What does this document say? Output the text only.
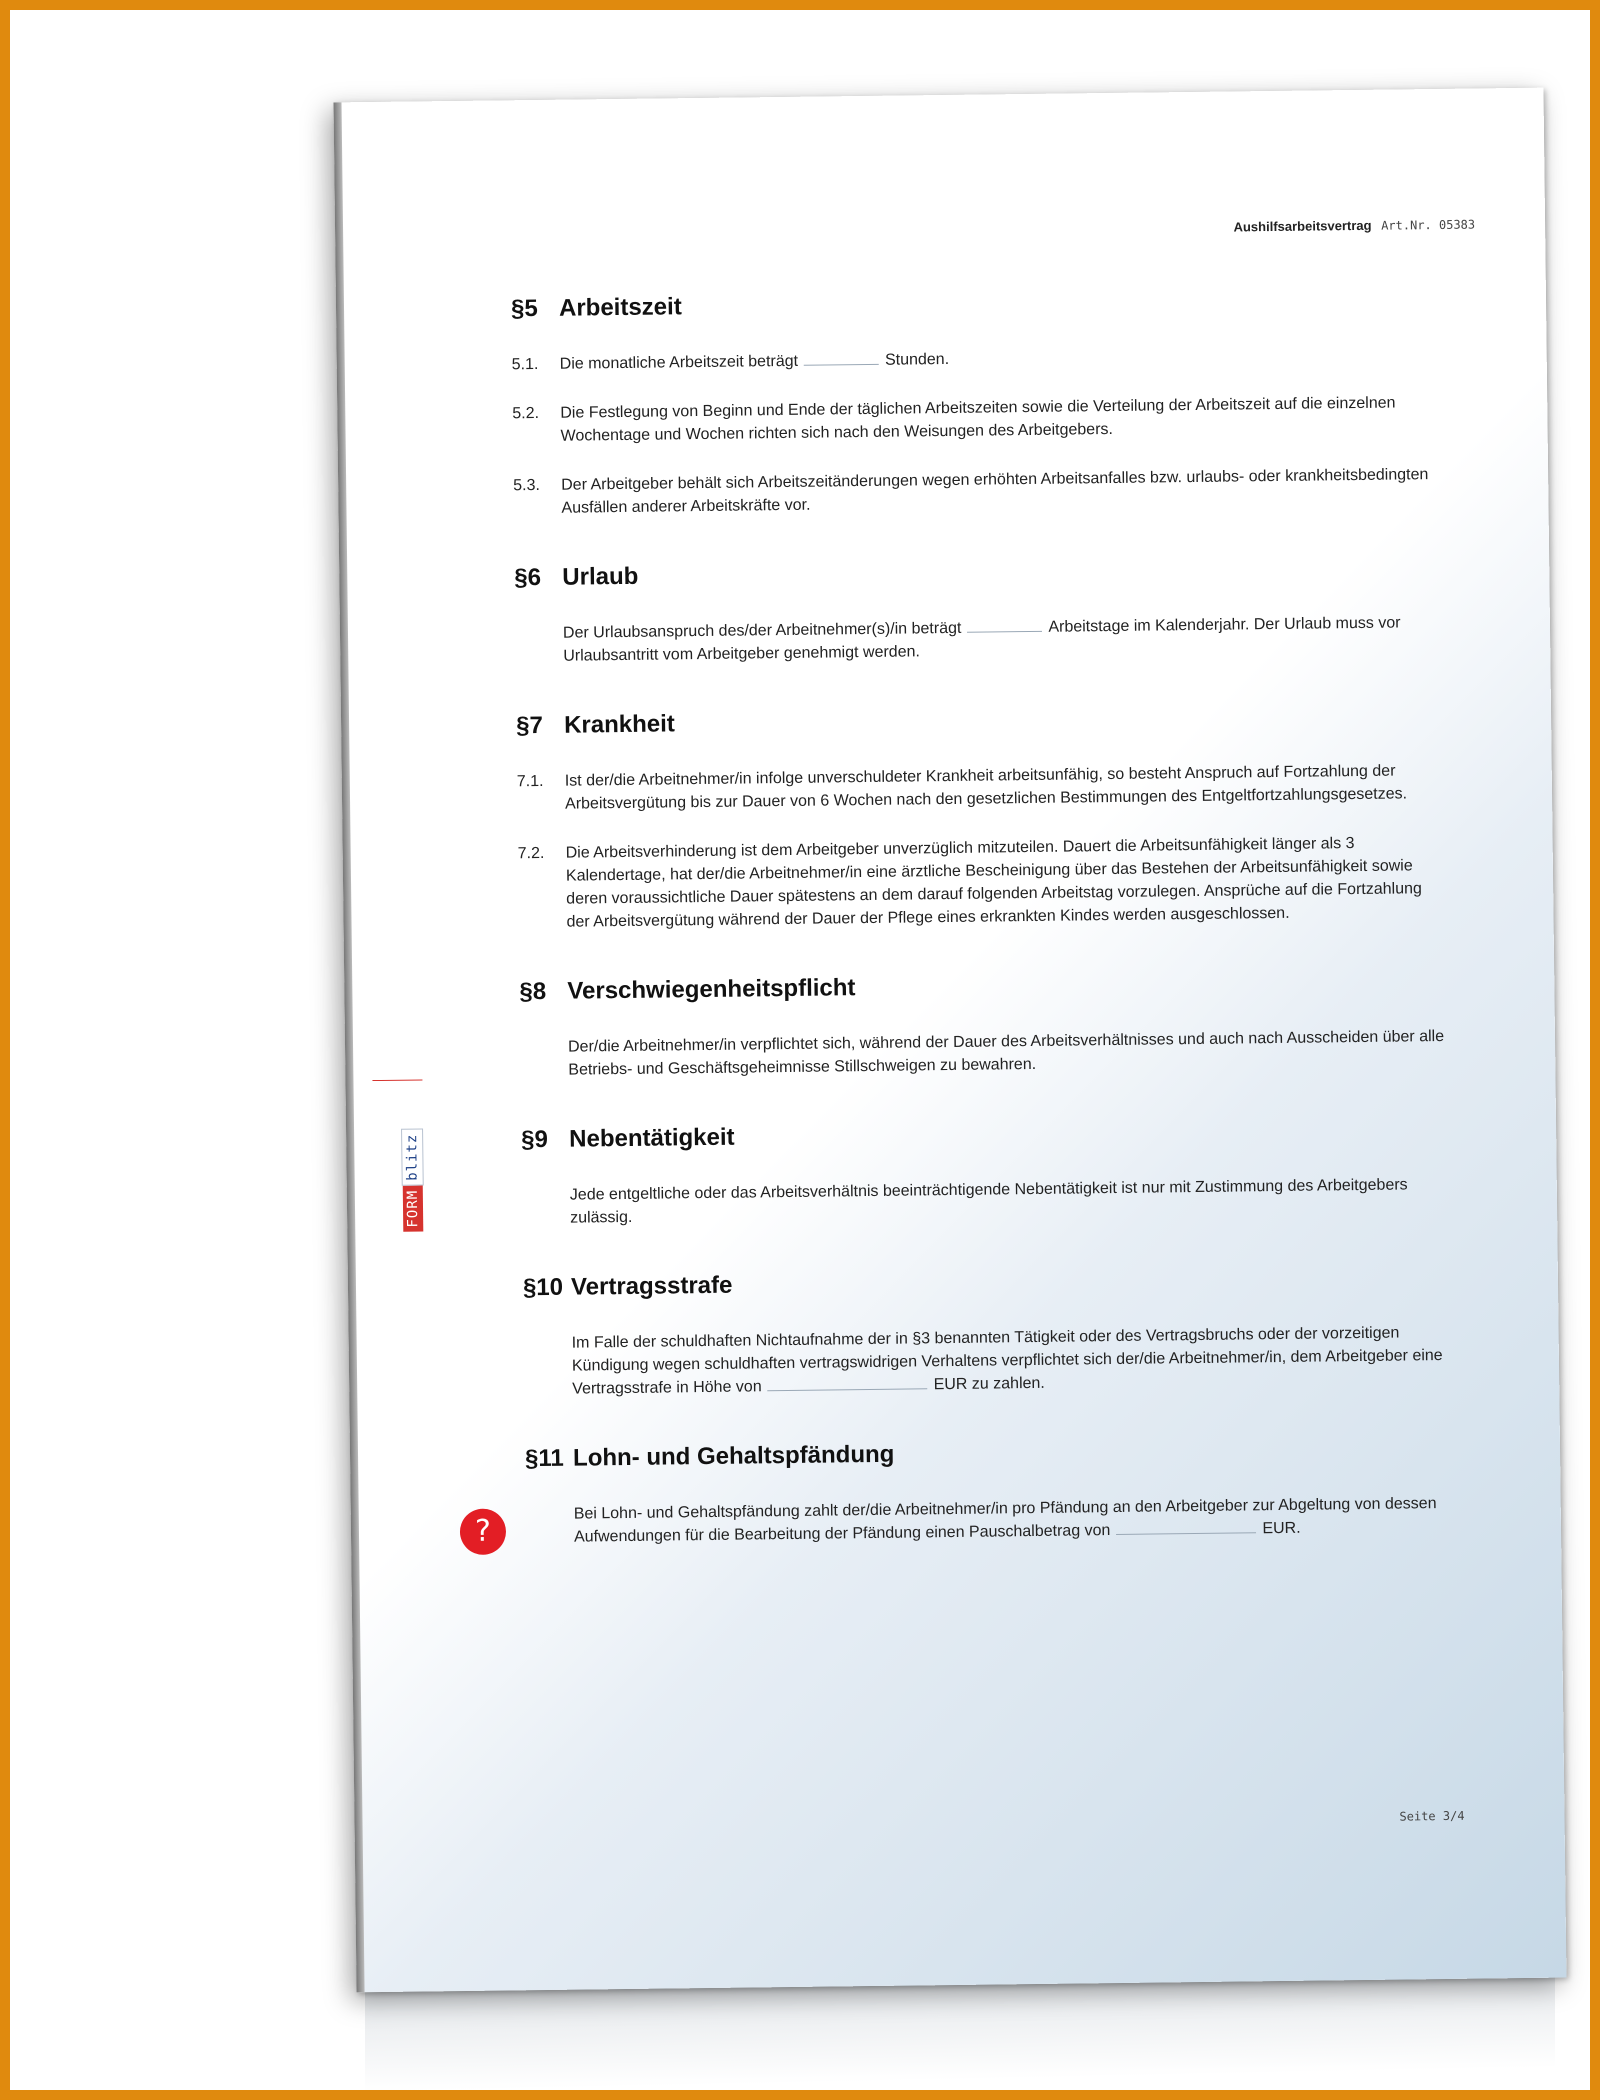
Aushilfsarbeitsvertrag Art.Nr. 05383
FORMblitz
?
§5 Arbeitszeit
5.1.	Die monatliche Arbeitszeit beträgt	Stunden.
5.2.	Die Festlegung von Beginn und Ende der täglichen Arbeitszeiten sowie die Verteilung der Arbeitszeit auf die einzelnen Wochentage und Wochen richten sich nach den Weisungen des Arbeitgebers.
5.3.	Der Arbeitgeber behält sich Arbeitszeitänderungen wegen erhöhten Arbeitsanfalles bzw. urlaubs- oder krankheitsbedingten Ausfällen anderer Arbeitskräfte vor.
§6 Urlaub
Der Urlaubsanspruch des/der Arbeitnehmer(s)/in beträgt	Arbeitstage im Kalenderjahr. Der Urlaub muss vor Urlaubsantritt vom Arbeitgeber genehmigt werden.
§7 Krankheit
7.1.	Ist der/die Arbeitnehmer/in infolge unverschuldeter Krankheit arbeitsunfähig, so besteht Anspruch auf Fortzahlung der Arbeitsvergütung bis zur Dauer von 6 Wochen nach den gesetzlichen Bestimmungen des Entgeltfortzahlungsgesetzes.
7.2.	Die Arbeitsverhinderung ist dem Arbeitgeber unverzüglich mitzuteilen. Dauert die Arbeitsunfähigkeit länger als 3 Kalendertage, hat der/die Arbeitnehmer/in eine ärztliche Bescheinigung über das Bestehen der Arbeitsunfähigkeit sowie deren voraussichtliche Dauer spätestens an dem darauf folgenden Arbeitstag vorzulegen. Ansprüche auf die Fortzahlung der Arbeitsvergütung während der Dauer der Pflege eines erkrankten Kindes werden ausgeschlossen.
§8 Verschwiegenheitspflicht
Der/die Arbeitnehmer/in verpflichtet sich, während der Dauer des Arbeitsverhältnisses und auch nach Ausscheiden über alle Betriebs- und Geschäftsgeheimnisse Stillschweigen zu bewahren.
§9 Nebentätigkeit
Jede entgeltliche oder das Arbeitsverhältnis beeinträchtigende Nebentätigkeit ist nur mit Zustimmung des Arbeitgebers zulässig.
§10 Vertragsstrafe
Im Falle der schuldhaften Nichtaufnahme der in §3 benannten Tätigkeit oder des Vertragsbruchs oder der vorzeitigen Kündigung wegen schuldhaften vertragswidrigen Verhaltens verpflichtet sich der/die Arbeitnehmer/in, dem Arbeitgeber eine Vertragsstrafe in Höhe von	EUR zu zahlen.
§11 Lohn- und Gehaltspfändung
Bei Lohn- und Gehaltspfändung zahlt der/die Arbeitnehmer/in pro Pfändung an den Arbeitgeber zur Abgeltung von dessen Aufwendungen für die Bearbeitung der Pfändung einen Pauschalbetrag von	EUR.
Seite 3/4
